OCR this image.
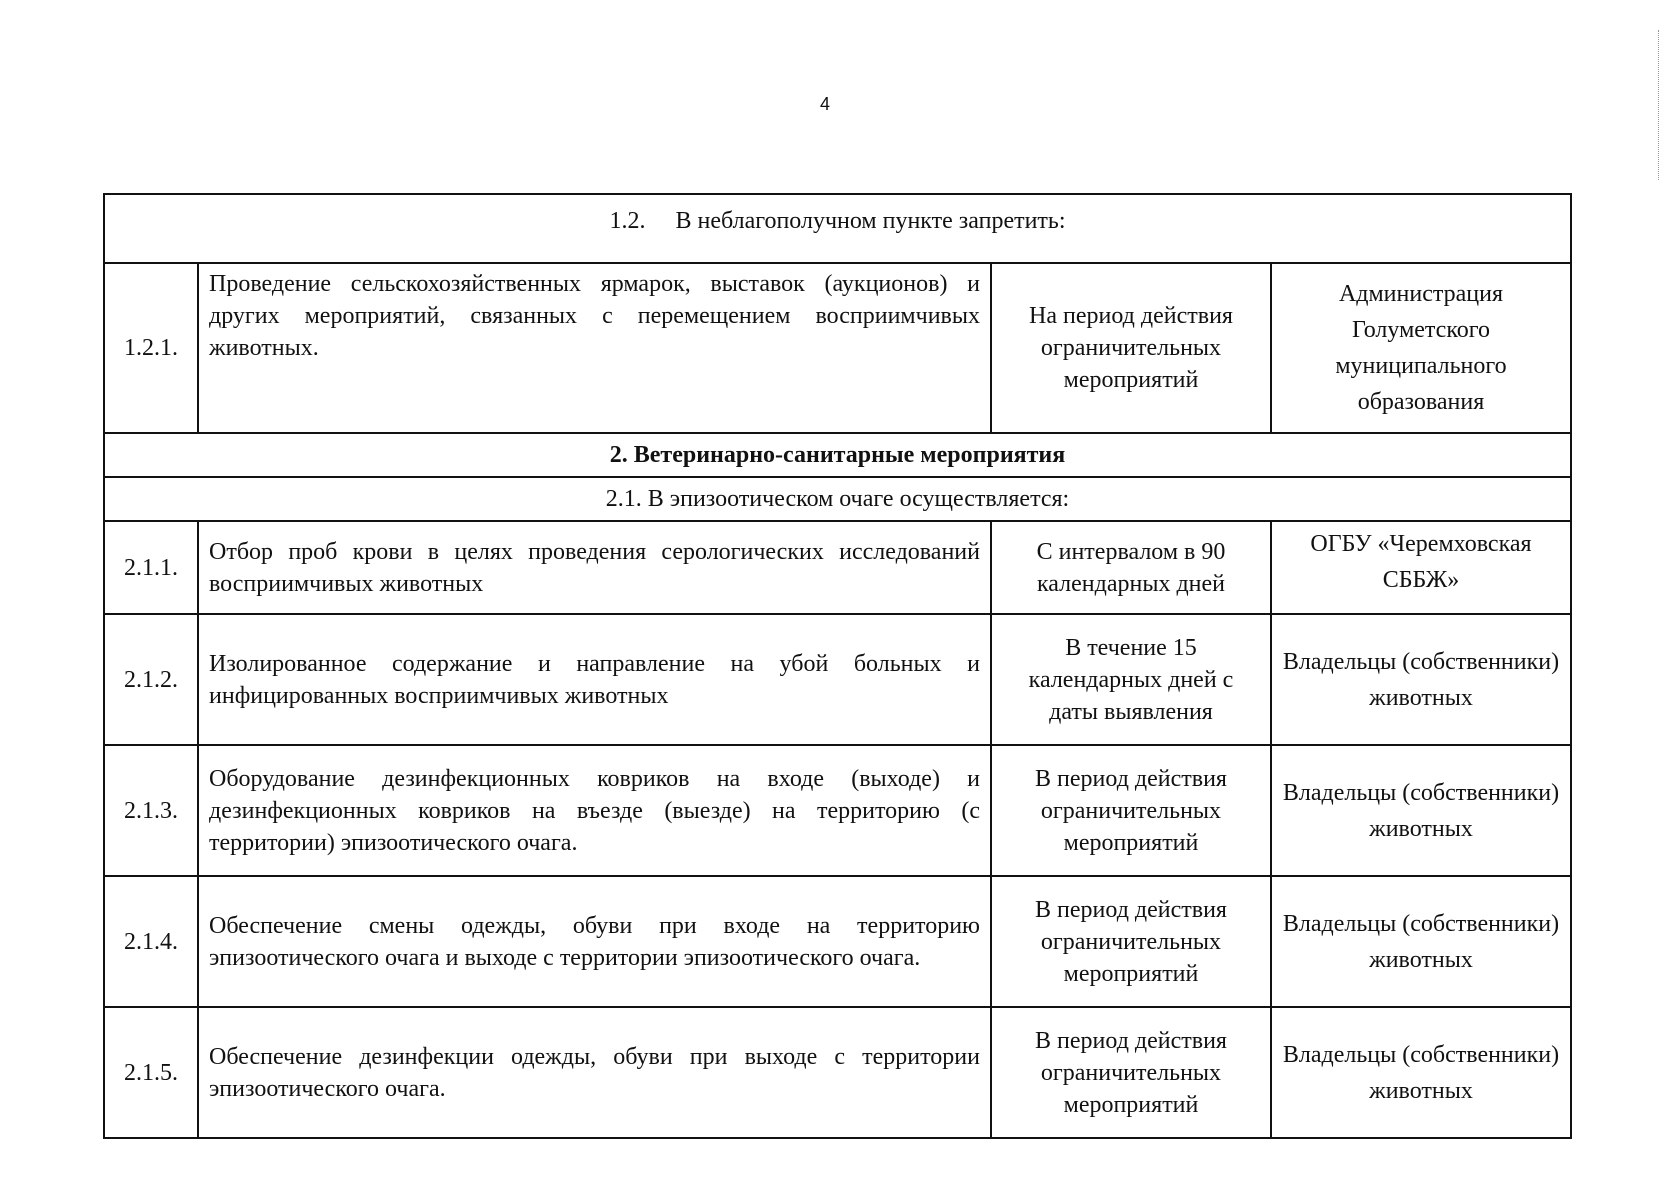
4
1.2. В неблагополучном пункте запретить:			
1.2.1.	Проведение сельскохозяйственных ярмарок, выставок (аукционов) и других мероприятий, связанных с перемещением восприимчивых животных.	На период действия ограничительных мероприятий	Администрация Голуметского муниципального образования
2. Ветеринарно-санитарные мероприятия			
2.1. В эпизоотическом очаге осуществляется:			
2.1.1.	Отбор проб крови в целях проведения серологических исследований восприимчивых животных	С интервалом в 90 календарных дней	ОГБУ «Черемховская СББЖ»
2.1.2.	Изолированное содержание и направление на убой больных и инфицированных восприимчивых животных	В течение 15 календарных дней с даты выявления	Владельцы (собственники) животных
2.1.3.	Оборудование дезинфекционных ковриков на входе (выходе) и дезинфекционных ковриков на въезде (выезде) на территорию (с территории) эпизоотического очага.	В период действия ограничительных мероприятий	Владельцы (собственники) животных
2.1.4.	Обеспечение смены одежды, обуви при входе на территорию эпизоотического очага и выходе с территории эпизоотического очага.	В период действия ограничительных мероприятий	Владельцы (собственники) животных
2.1.5.	Обеспечение дезинфекции одежды, обуви при выходе с территории эпизоотического очага.	В период действия ограничительных мероприятий	Владельцы (собственники) животных
